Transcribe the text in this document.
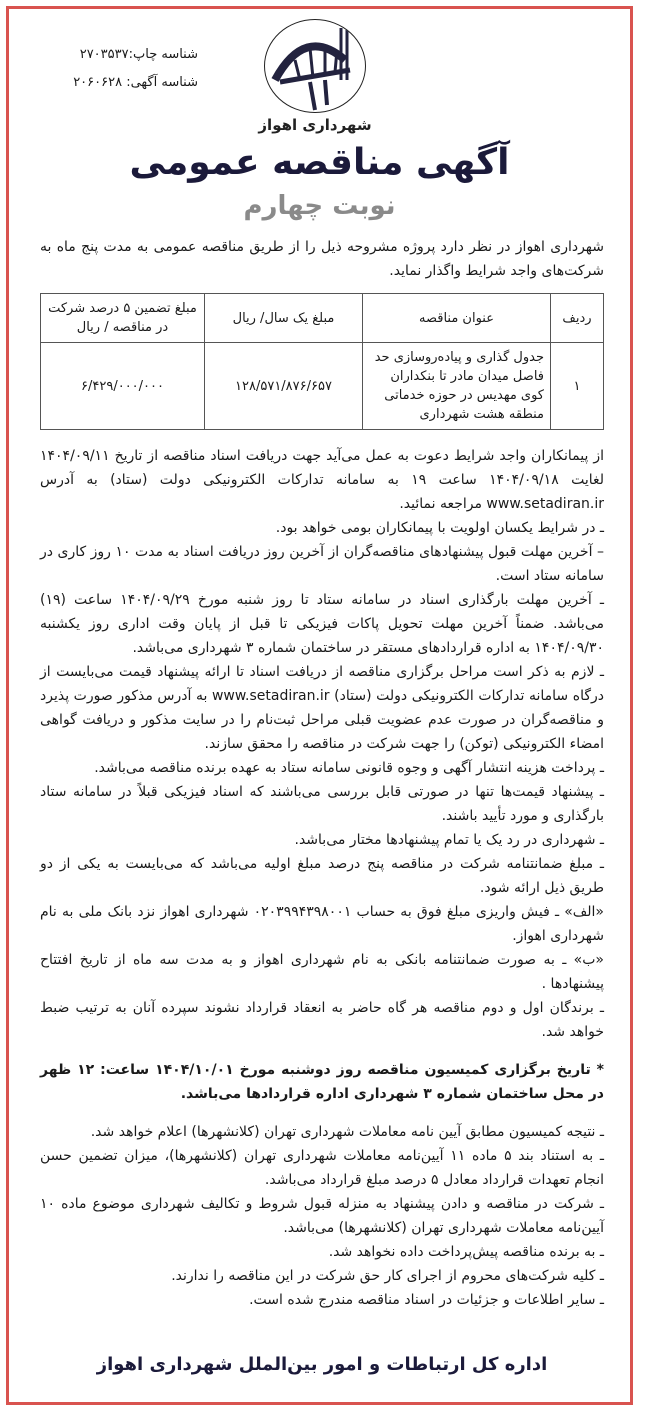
شناسه چاپ:۲۷۰۳۵۳۷
شناسه آگهی: ۲۰۶۰۶۲۸
شهرداری اهواز
آگهی مناقصه عمومی
نوبت چهارم
شهرداری اهواز در نظر دارد پروژه مشروحه ذیل را از طریق مناقصه عمومی به مدت پنج ماه به شرکت‌های واجد شرایط واگذار نماید.
ردیف	عنوان مناقصه	مبلغ یک سال/ ریال	مبلغ تضمین ۵ درصد شرکت در مناقصه / ریال
۱	جدول گذاری و پیاده‌روسازی حد فاصل میدان مادر تا بنکداران کوی مهدیس در حوزه خدماتی منطقه هشت شهرداری	۱۲۸/۵۷۱/۸۷۶/۶۵۷	۶/۴۲۹/۰۰۰/۰۰۰

از پیمانکاران واجد شرایط دعوت به عمل می‌آید جهت دریافت اسناد مناقصه از تاریخ ۱۴۰۴/۰۹/۱۱ لغایت ۱۴۰۴/۰۹/۱۸ ساعت ۱۹ به سامانه تدارکات الکترونیکی دولت (ستاد) به آدرس www.setadiran.ir مراجعه نمائید.

ـ در شرایط یکسان اولویت با پیمانکاران بومی خواهد بود.

– آخرین مهلت قبول پیشنهادهای مناقصه‌گران از آخرین روز دریافت اسناد به مدت ۱۰ روز کاری در سامانه ستاد است.

ـ آخرین مهلت بارگذاری اسناد در سامانه ستاد تا روز شنبه مورخ ۱۴۰۴/۰۹/۲۹ ساعت (۱۹) می‌باشد. ضمناً آخرین مهلت تحویل پاکات فیزیکی تا قبل از پایان وقت اداری روز یکشنبه ۱۴۰۴/۰۹/۳۰ به اداره قراردادهای مستقر در ساختمان شماره ۳ شهرداری می‌باشد.

ـ لازم به ذکر است مراحل برگزاری مناقصه از دریافت اسناد تا ارائه پیشنهاد قیمت می‌بایست از درگاه سامانه تدارکات الکترونیکی دولت (ستاد) www.setadiran.ir به آدرس مذکور صورت پذیرد و مناقصه‌گران در صورت عدم عضویت قبلی مراحل ثبت‌نام را در سایت مذکور و دریافت گواهی امضاء الکترونیکی (توکن) را جهت شرکت در مناقصه را محقق سازند.

ـ پرداخت هزینه انتشار آگهی و وجوه قانونی سامانه ستاد به عهده برنده مناقصه می‌باشد.

ـ پیشنهاد قیمت‌ها تنها در صورتی قابل بررسی می‌باشند که اسناد فیزیکی قبلاً در سامانه ستاد بارگذاری و مورد تأیید باشند.

ـ شهرداری در رد یک یا تمام پیشنهادها مختار می‌باشد.

ـ مبلغ ضمانتنامه شرکت در مناقصه پنج درصد مبلغ اولیه می‌باشد که می‌بایست به یکی از دو طریق ذیل ارائه شود.

«الف» ـ فیش واریزی مبلغ فوق به حساب ۰۲۰۳۹۹۴۳۹۸۰۰۱ شهرداری اهواز نزد بانک ملی به نام شهرداری اهواز.

«ب» ـ به صورت ضمانتنامه بانکی به نام شهرداری اهواز و به مدت سه ماه از تاریخ افتتاح پیشنهادها .

ـ برندگان اول و دوم مناقصه هر گاه حاضر به انعقاد قرارداد نشوند سپرده آنان به ترتیب ضبط خواهد شد.

* تاریخ برگزاری کمیسیون مناقصه روز دوشنبه مورخ ۱۴۰۴/۱۰/۰۱ ساعت: ۱۲ ظهر در محل ساختمان شماره ۳ شهرداری اداره قراردادها می‌باشد.

ـ نتیجه کمیسیون مطابق آیین نامه معاملات شهرداری تهران (کلانشهرها) اعلام خواهد شد.

ـ به استناد بند ۵ ماده ۱۱ آیین‌نامه معاملات شهرداری تهران (کلانشهرها)، میزان تضمین حسن انجام تعهدات قرارداد معادل ۵ درصد مبلغ قرارداد می‌باشد.

ـ شرکت در مناقصه و دادن پیشنهاد به منزله قبول شروط و تکالیف شهرداری موضوع ماده ۱۰ آیین‌نامه معاملات شهرداری تهران (کلانشهرها) می‌باشد.

ـ به برنده مناقصه پیش‌پرداخت داده نخواهد شد.

ـ کلیه شرکت‌های محروم از اجرای کار حق شرکت در این مناقصه را ندارند.

ـ سایر اطلاعات و جزئیات در اسناد مناقصه مندرج شده است.

اداره کل ارتباطات و امور بین‌الملل شهرداری اهواز
